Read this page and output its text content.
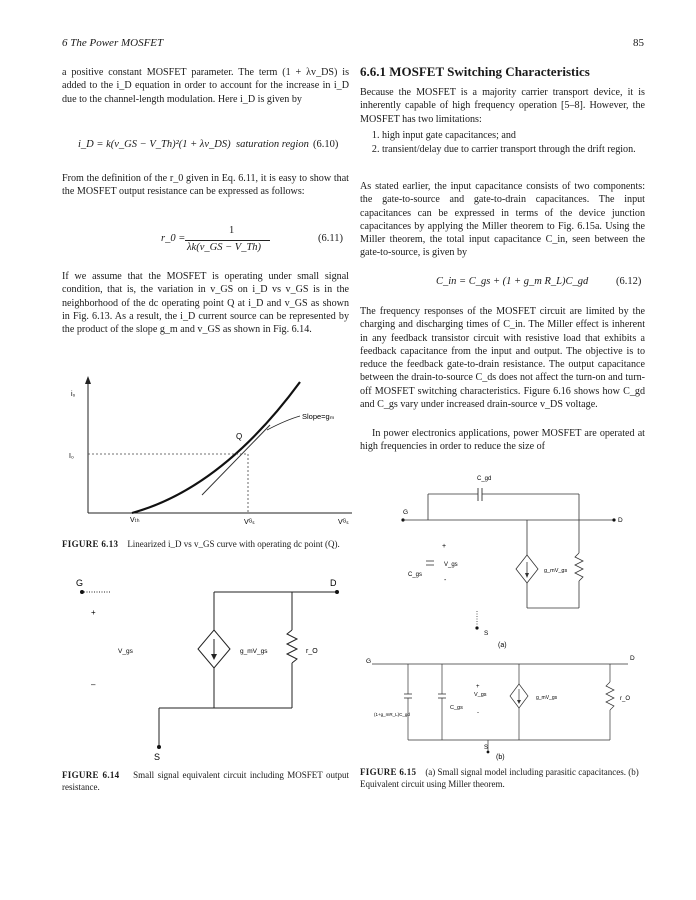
6 The Power MOSFET	85
a positive constant MOSFET parameter. The term (1 + λv_DS) is added to the i_D equation in order to account for the increase in i_D due to the channel-length modulation. Here i_D is given by
i_D = k(v_GS − V_Th)²(1 + λv_DS) saturation region (6.10)
From the definition of the r_0 given in Eq. 6.11, it is easy to show that the MOSFET output resistance can be expressed as follows:
r_0 =
1
λk(v_GS − V_Th)
(6.11)
If we assume that the MOSFET is operating under small signal condition, that is, the variation in v_GS on i_D vs v_GS is in the neighborhood of the dc operating point Q at i_D and v_GS as shown in Fig. 6.13. As a result, the i_D current source can be represented by the product of the slope g_m and v_GS as shown in Fig. 6.14.
i₀
I₀
Q
Slope=gₘ
Vₜₕ	Vᴳₛ	Vᴳₛ
FIGURE 6.13 Linearized i_D vs v_GS curve with operating dc point (Q).
G	D
S
+
–
V_gs	g_mV_gs	r_O
FIGURE 6.14 Small signal equivalent circuit including MOSFET output resistance.
6.6.1 MOSFET Switching Characteristics
Because the MOSFET is a majority carrier transport device, it is inherently capable of high frequency operation [5–8]. However, the MOSFET has two limitations:
1. high input gate capacitances; and
2. transient/delay due to carrier transport through the drift region.
As stated earlier, the input capacitance consists of two components: the gate-to-source and gate-to-drain capacitances. The input capacitances can be expressed in terms of the device junction capacitances by applying the Miller theorem to Fig. 6.15a. Using the Miller theorem, the total input capacitance C_in, seen between the gate-to-source, is given by
C_in = C_gs + (1 + g_m R_L)C_gd	(6.12)
The frequency responses of the MOSFET circuit are limited by the charging and discharging times of C_in. The Miller effect is inherent in any feedback transistor circuit with resistive load that exhibits a feedback capacitance from the input and output. The objective is to reduce the feedback gate-to-drain resistance. The output capacitance between the drain-to-source C_ds does not affect the turn-on and turn-off MOSFET switching characteristics. Figure 6.16 shows how C_gd and C_gs vary under increased drain-source v_DS voltage.
In power electronics applications, power MOSFET are operated at high frequencies in order to reduce the size of
C_gd
G
D
+
V_gs
C_gs
-
g_mV_gs
S
(a)
G	D
(1+g_mR_L)C_gd
C_gs
+
V_gs
-
g_mV_gs	r_O
S
(b)
FIGURE 6.15 (a) Small signal model including parasitic capacitances. (b) Equivalent circuit using Miller theorem.
